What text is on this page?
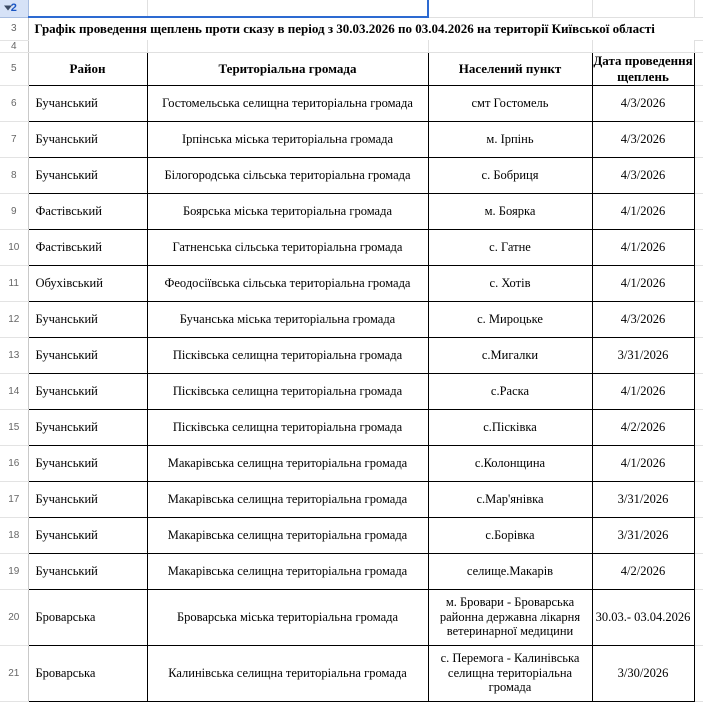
2					
3	Графік проведення щеплень проти сказу в період з 30.03.2026 по 03.04.2026 на території Київської області				
4					
5	Район	Територіальна громада	Населений пункт	Дата проведення щеплень	
6	Бучанський	Гостомельська селищна територіальна громада	смт Гостомель	4/3/2026	
7	Бучанський	Ірпінська міська територіальна громада	м. Ірпінь	4/3/2026	
8	Бучанський	Білогородська сільська територіальна громада	с. Бобриця	4/3/2026	
9	Фастівський	Боярська міська територіальна громада	м. Боярка	4/1/2026	
10	Фастівський	Гатненська сільська територіальна громада	с. Гатне	4/1/2026	
11	Обухівський	Феодосіївська сільська територіальна громада	с. Хотів	4/1/2026	
12	Бучанський	Бучанська міська територіальна громада	с. Мироцьке	4/3/2026	
13	Бучанський	Пісківська селищна територіальна громада	с.Мигалки	3/31/2026	
14	Бучанський	Пісківська селищна територіальна громада	с.Раска	4/1/2026	
15	Бучанський	Пісківська селищна територіальна громада	с.Пісківка	4/2/2026	
16	Бучанський	Макарівська селищна територіальна громада	с.Колонщина	4/1/2026	
17	Бучанський	Макарівська селищна територіальна громада	с.Мар'янівка	3/31/2026	
18	Бучанський	Макарівська селищна територіальна громада	с.Борівка	3/31/2026	
19	Бучанський	Макарівська селищна територіальна громада	селище.Макарів	4/2/2026	
20	Броварська	Броварська міська територіальна громада	м. Бровари - Броварська районна державна лікарня ветеринарної медицини	30.03.- 03.04.2026	
21	Броварська	Калинівська селищна територіальна громада	с. Перемога - Калинівська селищна територіальна громада	3/30/2026	
